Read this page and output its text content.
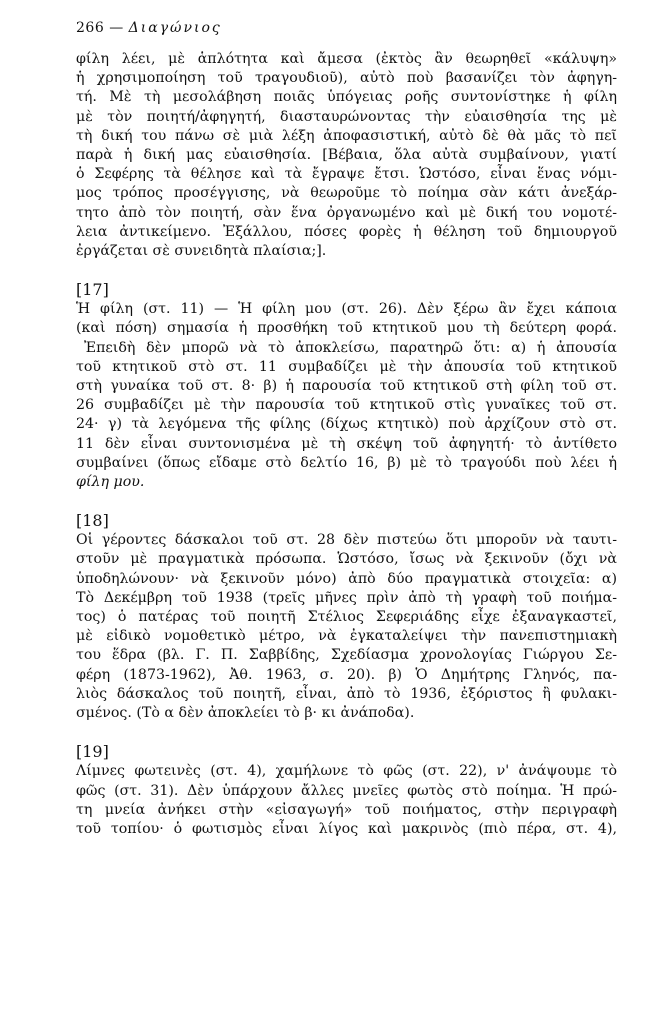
266 — Διαγώνιος
φίλη λέει, μὲ ἁπλότητα καὶ ἄμεσα (ἐκτὸς ἂν θεωρηθεῖ «κάλυψη»
ἡ χρησιμοποίηση τοῦ τραγουδιοῦ), αὐτὸ ποὺ βασανίζει τὸν ἀφηγη-
τή. Μὲ τὴ μεσολάβηση ποιᾶς ὑπόγειας ροῆς συντονίστηκε ἡ φίλη
μὲ τὸν ποιητή/ἀφηγητή, διασταυρώνοντας τὴν εὐαισθησία της μὲ
τὴ δική του πάνω σὲ μιὰ λέξη ἀποφασιστική, αὐτὸ δὲ θὰ μᾶς τὸ πεῖ
παρὰ ἡ δική μας εὐαισθησία. [Βέβαια, ὅλα αὐτὰ συμβαίνουν, γιατί
ὁ Σεφέρης τὰ θέλησε καὶ τὰ ἔγραψε ἔτσι. Ὡστόσο, εἶναι ἕνας νόμι-
μος τρόπος προσέγγισης, νὰ θεωροῦμε τὸ ποίημα σὰν κάτι ἀνεξάρ-
τητο ἀπὸ τὸν ποιητή, σὰν ἕνα ὀργανωμένο καὶ μὲ δική του νομοτέ-
λεια ἀντικείμενο. Ἐξάλλου, πόσες φορὲς ἡ θέληση τοῦ δημιουργοῦ
ἐργάζεται σὲ συνειδητὰ πλαίσια;].
[17]
Ἡ φίλη (στ. 11) — Ἡ φίλη μου (στ. 26). Δὲν ξέρω ἂν ἔχει κάποια
(καὶ πόση) σημασία ἡ προσθήκη τοῦ κτητικοῦ μου τὴ δεύτερη φορά.
Ἐπειδὴ δὲν μπορῶ νὰ τὸ ἀποκλείσω, παρατηρῶ ὅτι: α) ἡ ἀπουσία
τοῦ κτητικοῦ στὸ στ. 11 συμβαδίζει μὲ τὴν ἀπουσία τοῦ κτητικοῦ
στὴ γυναίκα τοῦ στ. 8· β) ἡ παρουσία τοῦ κτητικοῦ στὴ φίλη τοῦ στ.
26 συμβαδίζει μὲ τὴν παρουσία τοῦ κτητικοῦ στὶς γυναῖκες τοῦ στ.
24· γ) τὰ λεγόμενα τῆς φίλης (δίχως κτητικὸ) ποὺ ἀρχίζουν στὸ στ.
11 δὲν εἶναι συντονισμένα μὲ τὴ σκέψη τοῦ ἀφηγητή· τὸ ἀντίθετο
συμβαίνει (ὅπως εἴδαμε στὸ δελτίο 16, β) μὲ τὸ τραγούδι ποὺ λέει ἡ
φίλη μου.
[18]
Οἱ γέροντες δάσκαλοι τοῦ στ. 28 δὲν πιστεύω ὅτι μποροῦν νὰ ταυτι-
στοῦν μὲ πραγματικὰ πρόσωπα. Ὡστόσο, ἴσως νὰ ξεκινοῦν (ὄχι νὰ
ὑποδηλώνουν· νὰ ξεκινοῦν μόνο) ἀπὸ δύο πραγματικὰ στοιχεῖα: α)
Τὸ Δεκέμβρη τοῦ 1938 (τρεῖς μῆνες πρὶν ἀπὸ τὴ γραφὴ τοῦ ποιήμα-
τος) ὁ πατέρας τοῦ ποιητῆ Στέλιος Σεφεριάδης εἶχε ἐξαναγκαστεῖ,
μὲ εἰδικὸ νομοθετικὸ μέτρο, νὰ ἐγκαταλείψει τὴν πανεπιστημιακὴ
του ἕδρα (βλ. Γ. Π. Σαββίδης, Σχεδίασμα χρονολογίας Γιώργου Σε-
φέρη (1873-1962), Ἀθ. 1963, σ. 20). β) Ὁ Δημήτρης Γληνός, πα-
λιὸς δάσκαλος τοῦ ποιητῆ, εἶναι, ἀπὸ τὸ 1936, ἐξόριστος ἢ φυλακι-
σμένος. (Τὸ α δὲν ἀποκλείει τὸ β· κι ἀνάποδα).
[19]
Λίμνες φωτεινὲς (στ. 4), χαμήλωνε τὸ φῶς (στ. 22), ν' ἀνάψουμε τὸ
φῶς (στ. 31). Δὲν ὑπάρχουν ἄλλες μνεῖες φωτὸς στὸ ποίημα. Ἡ πρώ-
τη μνεία ἀνήκει στὴν «εἰσαγωγή» τοῦ ποιήματος, στὴν περιγραφὴ
τοῦ τοπίου· ὁ φωτισμὸς εἶναι λίγος καὶ μακρινὸς (πιὸ πέρα, στ. 4),
